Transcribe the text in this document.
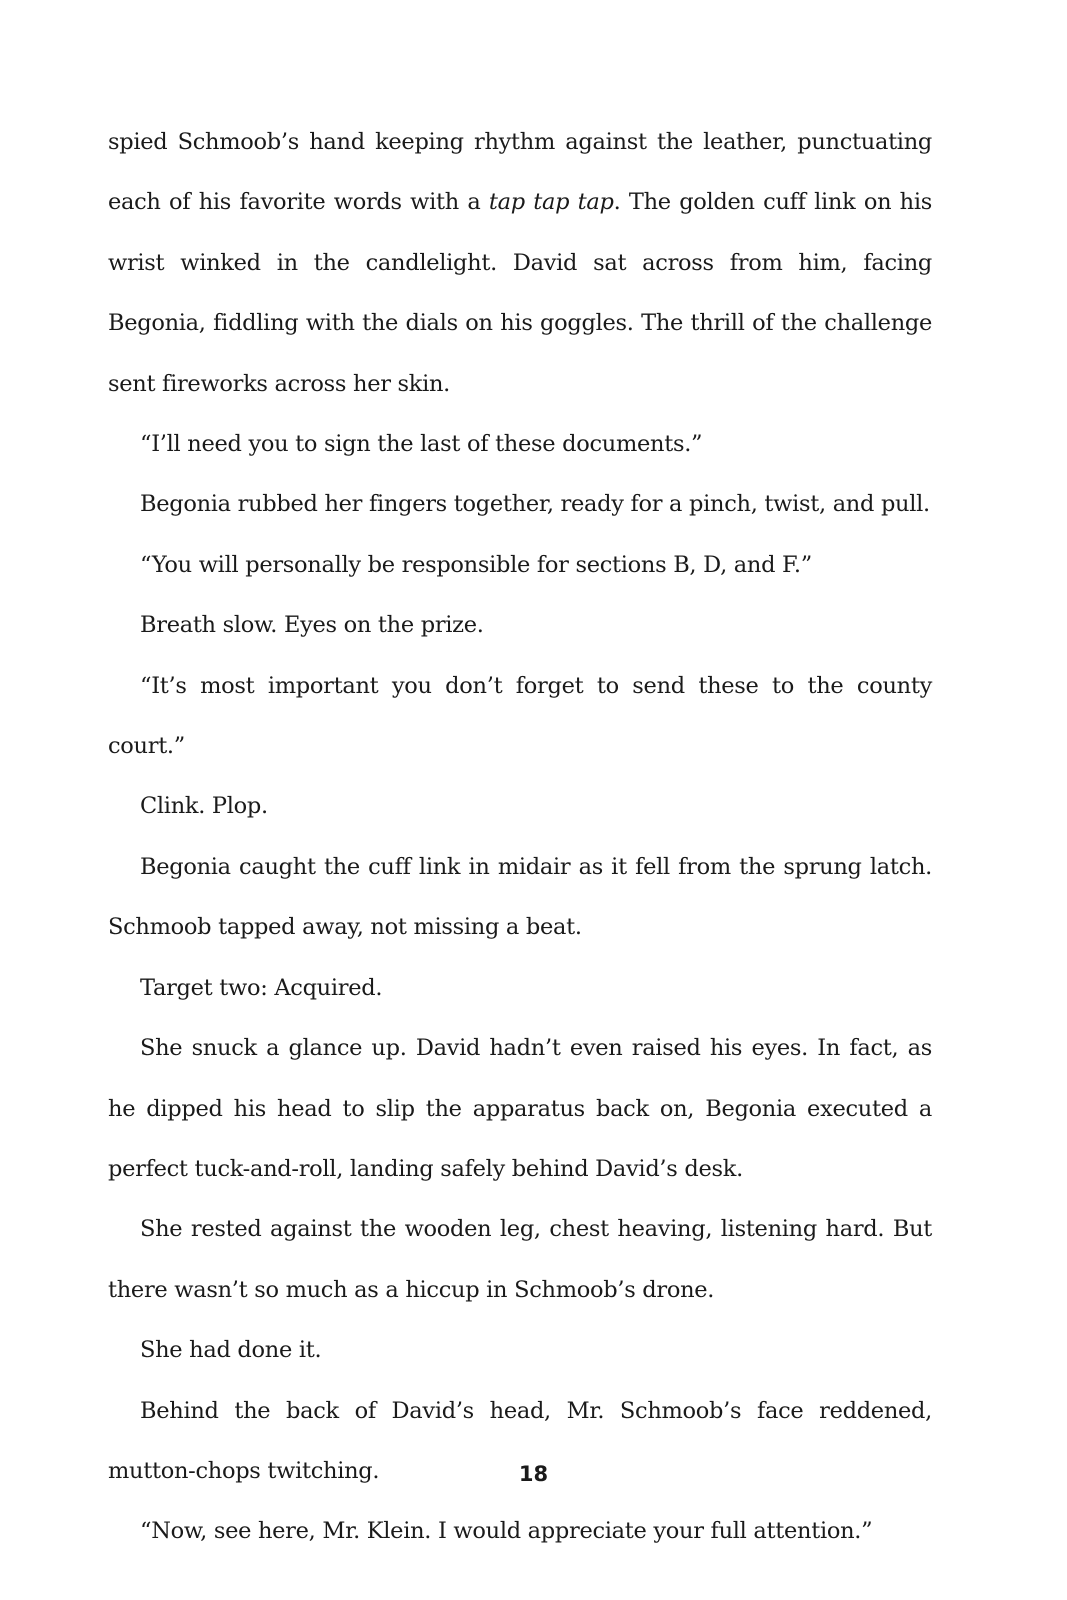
spied Schmoob’s hand keeping rhythm against the leather, punctuating each of his favorite words with a tap tap tap. The golden cuff link on his wrist winked in the candlelight. David sat across from him, facing Begonia, fiddling with the dials on his goggles. The thrill of the challenge sent fireworks across her skin.

“I’ll need you to sign the last of these documents.”

Begonia rubbed her fingers together, ready for a pinch, twist, and pull.

“You will personally be responsible for sections B, D, and F.”

Breath slow. Eyes on the prize.

“It’s most important you don’t forget to send these to the county court.”

Clink. Plop.

Begonia caught the cuff link in midair as it fell from the sprung latch. Schmoob tapped away, not missing a beat.

Target two: Acquired.

She snuck a glance up. David hadn’t even raised his eyes. In fact, as he dipped his head to slip the apparatus back on, Begonia executed a perfect tuck-and-roll, landing safely behind David’s desk.

She rested against the wooden leg, chest heaving, listening hard. But there wasn’t so much as a hiccup in Schmoob’s drone.

She had done it.

Behind the back of David’s head, Mr. Schmoob’s face reddened, mutton-chops twitching.

“Now, see here, Mr. Klein. I would appreciate your full attention.”

18
